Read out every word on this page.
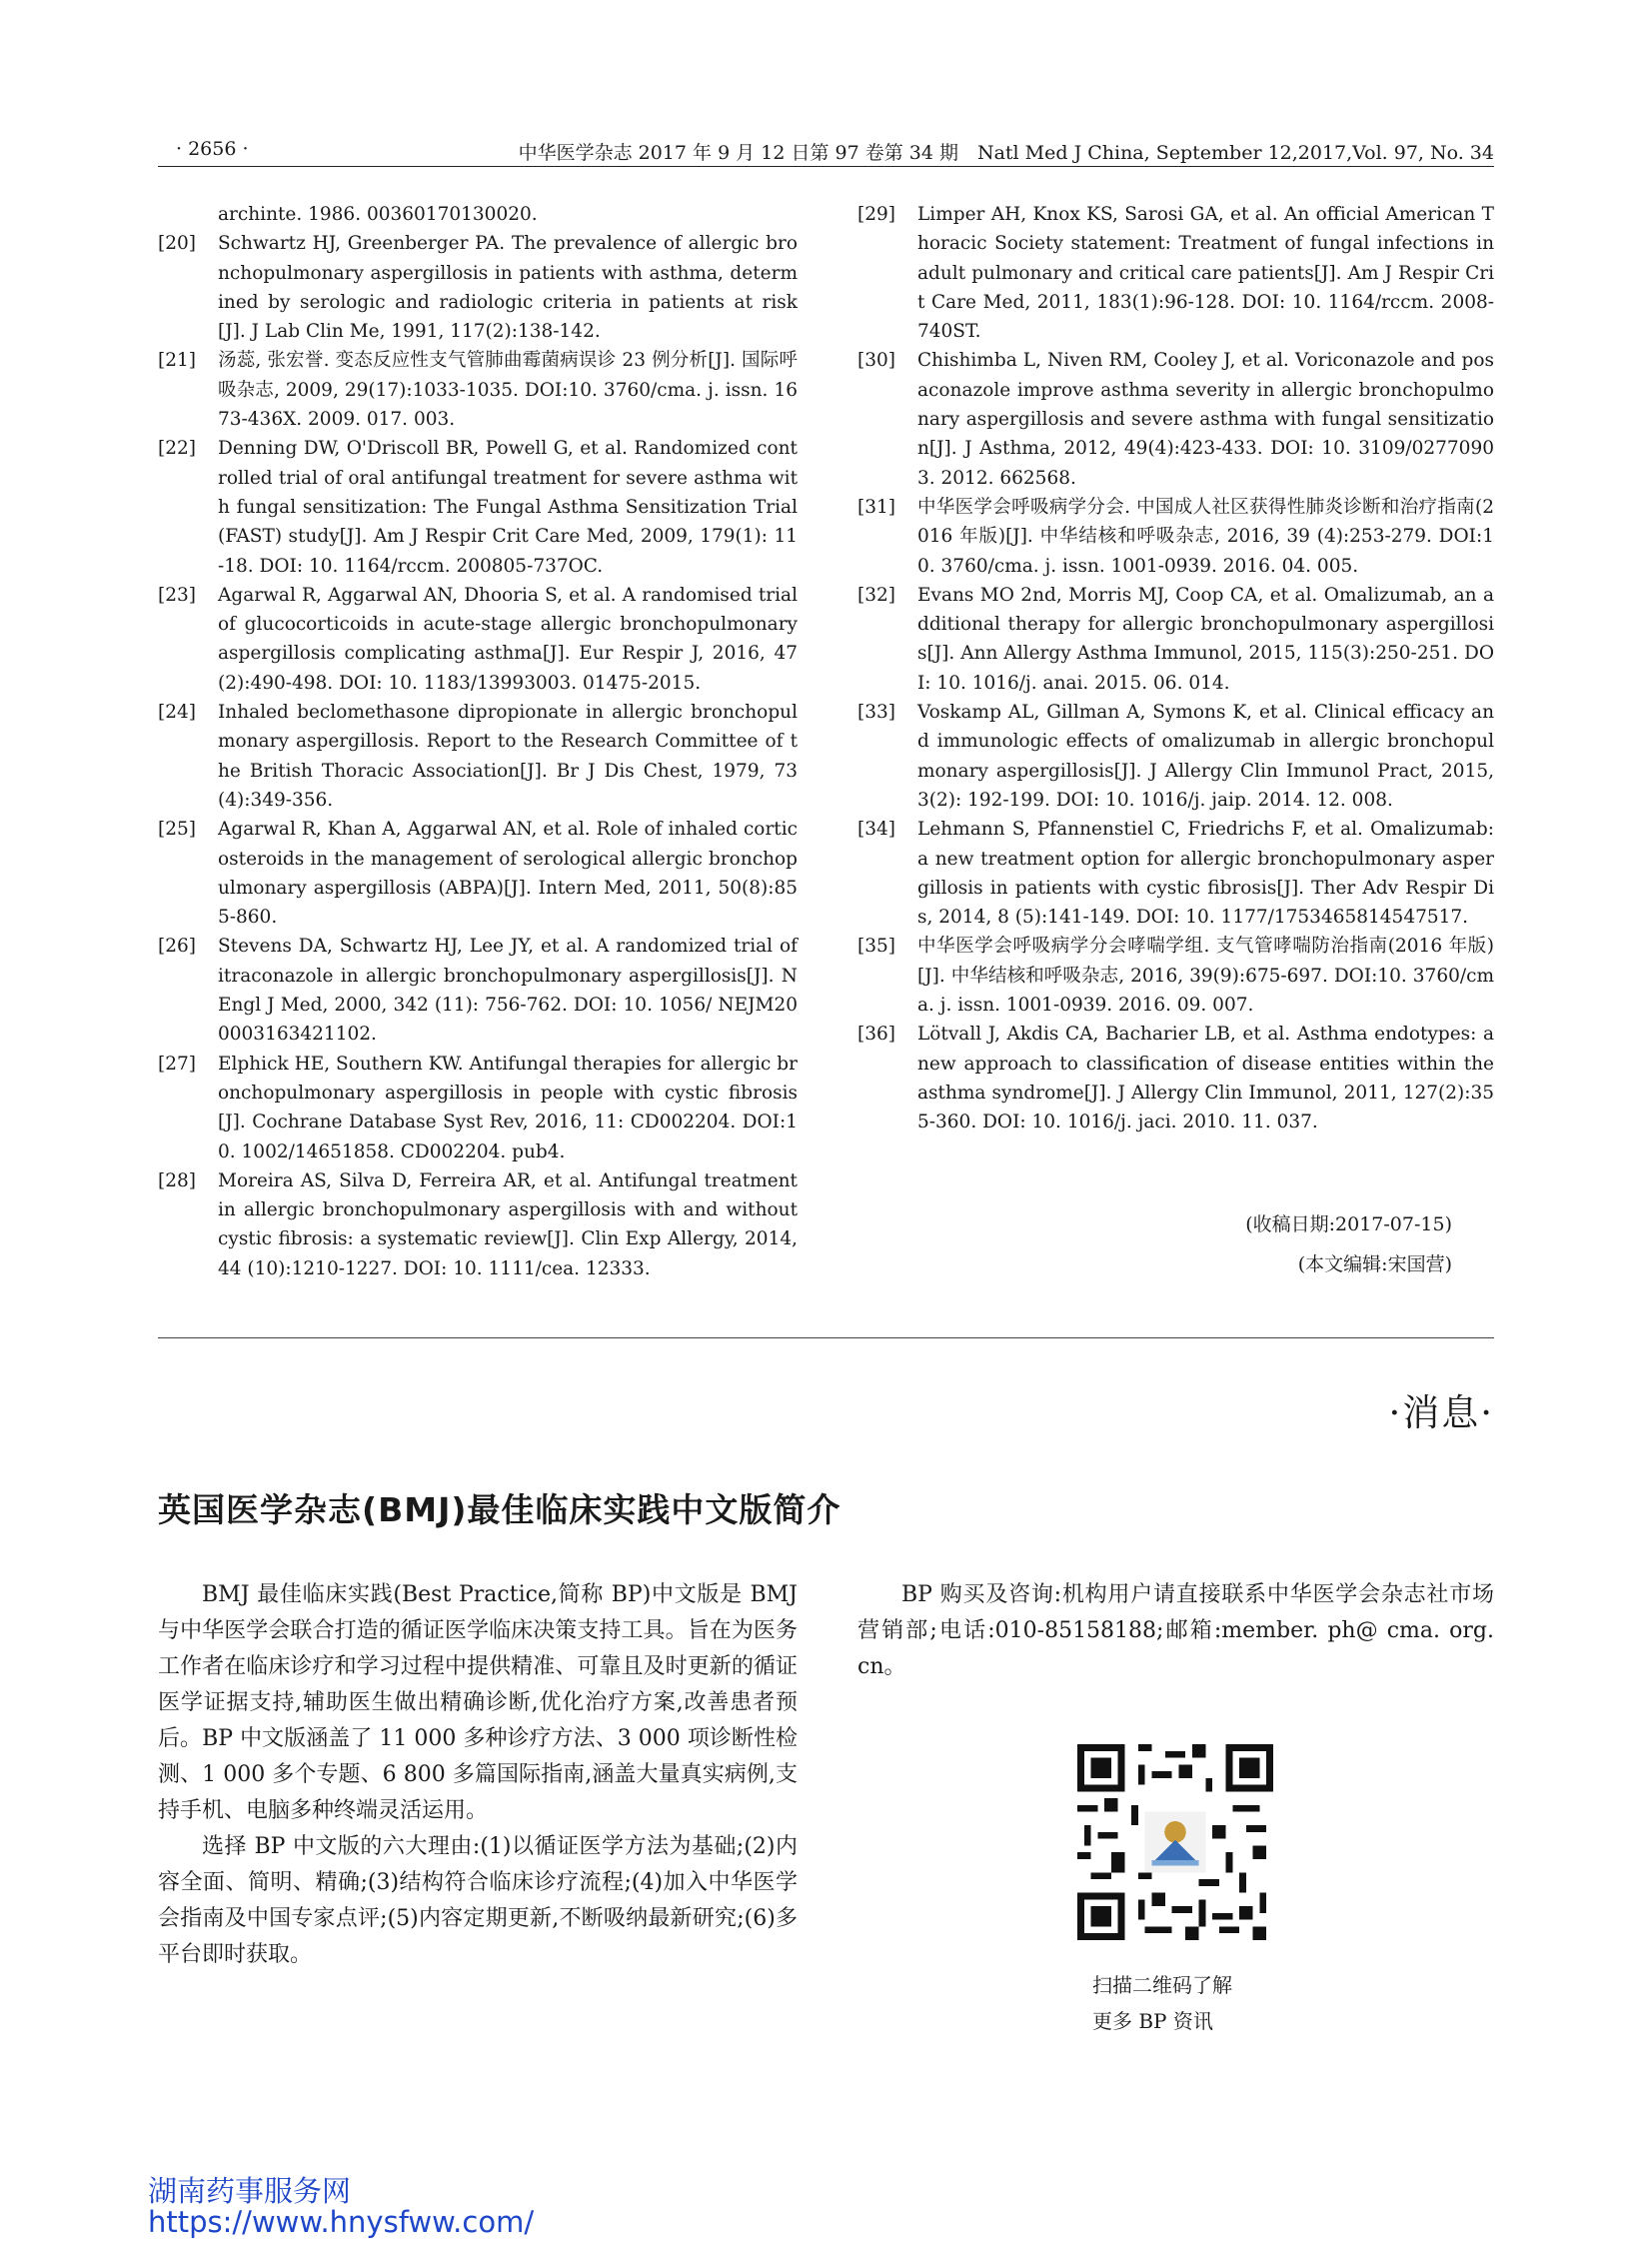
· 2656 ·	中华医学杂志 2017 年 9 月 12 日第 97 卷第 34 期　Natl Med J China, September 12,2017,Vol. 97, No. 34
archinte. 1986. 00360170130020.
[20] Schwartz HJ, Greenberger PA. The prevalence of allergic bronchopulmonary aspergillosis in patients with asthma, determined by serologic and radiologic criteria in patients at risk [J]. J Lab Clin Me, 1991, 117(2):138-142.
[21] 汤蕊, 张宏誉. 变态反应性支气管肺曲霉菌病误诊 23 例分析[J]. 国际呼吸杂志, 2009, 29(17):1033-1035. DOI:10. 3760/cma. j. issn. 1673-436X. 2009. 017. 003.
[22] Denning DW, O'Driscoll BR, Powell G, et al. Randomized controlled trial of oral antifungal treatment for severe asthma with fungal sensitization: The Fungal Asthma Sensitization Trial (FAST) study[J]. Am J Respir Crit Care Med, 2009, 179(1): 11-18. DOI: 10. 1164/rccm. 200805-737OC.
[23] Agarwal R, Aggarwal AN, Dhooria S, et al. A randomised trial of glucocorticoids in acute-stage allergic bronchopulmonary aspergillosis complicating asthma[J]. Eur Respir J, 2016, 47 (2):490-498. DOI: 10. 1183/13993003. 01475-2015.
[24] Inhaled beclomethasone dipropionate in allergic bronchopulmonary aspergillosis. Report to the Research Committee of the British Thoracic Association[J]. Br J Dis Chest, 1979, 73(4):349-356.
[25] Agarwal R, Khan A, Aggarwal AN, et al. Role of inhaled corticosteroids in the management of serological allergic bronchopulmonary aspergillosis (ABPA)[J]. Intern Med, 2011, 50(8):855-860.
[26] Stevens DA, Schwartz HJ, Lee JY, et al. A randomized trial of itraconazole in allergic bronchopulmonary aspergillosis[J]. N Engl J Med, 2000, 342 (11): 756-762. DOI: 10. 1056/ NEJM200003163421102.
[27] Elphick HE, Southern KW. Antifungal therapies for allergic bronchopulmonary aspergillosis in people with cystic fibrosis[J]. Cochrane Database Syst Rev, 2016, 11: CD002204. DOI:10. 1002/14651858. CD002204. pub4.
[28] Moreira AS, Silva D, Ferreira AR, et al. Antifungal treatment in allergic bronchopulmonary aspergillosis with and without cystic fibrosis: a systematic review[J]. Clin Exp Allergy, 2014, 44 (10):1210-1227. DOI: 10. 1111/cea. 12333.
[29] Limper AH, Knox KS, Sarosi GA, et al. An official American Thoracic Society statement: Treatment of fungal infections in adult pulmonary and critical care patients[J]. Am J Respir Crit Care Med, 2011, 183(1):96-128. DOI: 10. 1164/rccm. 2008-740ST.
[30] Chishimba L, Niven RM, Cooley J, et al. Voriconazole and posaconazole improve asthma severity in allergic bronchopulmonary aspergillosis and severe asthma with fungal sensitization[J]. J Asthma, 2012, 49(4):423-433. DOI: 10. 3109/02770903. 2012. 662568.
[31] 中华医学会呼吸病学分会. 中国成人社区获得性肺炎诊断和治疗指南(2016 年版)[J]. 中华结核和呼吸杂志, 2016, 39 (4):253-279. DOI:10. 3760/cma. j. issn. 1001-0939. 2016. 04. 005.
[32] Evans MO 2nd, Morris MJ, Coop CA, et al. Omalizumab, an additional therapy for allergic bronchopulmonary aspergillosis[J]. Ann Allergy Asthma Immunol, 2015, 115(3):250-251. DOI: 10. 1016/j. anai. 2015. 06. 014.
[33] Voskamp AL, Gillman A, Symons K, et al. Clinical efficacy and immunologic effects of omalizumab in allergic bronchopulmonary aspergillosis[J]. J Allergy Clin Immunol Pract, 2015, 3(2): 192-199. DOI: 10. 1016/j. jaip. 2014. 12. 008.
[34] Lehmann S, Pfannenstiel C, Friedrichs F, et al. Omalizumab: a new treatment option for allergic bronchopulmonary aspergillosis in patients with cystic fibrosis[J]. Ther Adv Respir Dis, 2014, 8 (5):141-149. DOI: 10. 1177/1753465814547517.
[35] 中华医学会呼吸病学分会哮喘学组. 支气管哮喘防治指南(2016 年版)[J]. 中华结核和呼吸杂志, 2016, 39(9):675-697. DOI:10. 3760/cma. j. issn. 1001-0939. 2016. 09. 007.
[36] Lötvall J, Akdis CA, Bacharier LB, et al. Asthma endotypes: a new approach to classification of disease entities within the asthma syndrome[J]. J Allergy Clin Immunol, 2011, 127(2):355-360. DOI: 10. 1016/j. jaci. 2010. 11. 037.
(收稿日期:2017-07-15)
(本文编辑:宋国营)
·消息·
英国医学杂志(BMJ)最佳临床实践中文版简介

BMJ 最佳临床实践(Best Practice,简称 BP)中文版是 BMJ 与中华医学会联合打造的循证医学临床决策支持工具。旨在为医务工作者在临床诊疗和学习过程中提供精准、可靠且及时更新的循证医学证据支持,辅助医生做出精确诊断,优化治疗方案,改善患者预后。BP 中文版涵盖了 11 000 多种诊疗方法、3 000 项诊断性检测、1 000 多个专题、6 800 多篇国际指南,涵盖大量真实病例,支持手机、电脑多种终端灵活运用。

选择 BP 中文版的六大理由:(1)以循证医学方法为基础;(2)内容全面、简明、精确;(3)结构符合临床诊疗流程;(4)加入中华医学会指南及中国专家点评;(5)内容定期更新,不断吸纳最新研究;(6)多平台即时获取。

BP 购买及咨询:机构用户请直接联系中华医学会杂志社市场营销部;电话:010-85158188;邮箱:member. ph@ cma. org. cn。

扫描二维码了解
更多 BP 资讯
湖南药事服务网
https://www.hnysfww.com/
